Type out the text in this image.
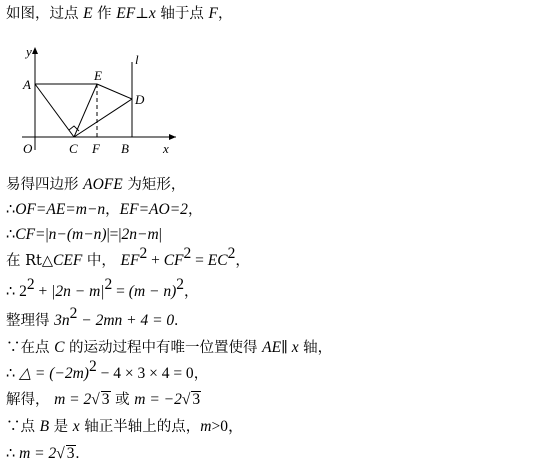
如图，过点 E 作 EF⊥x 轴于点 F，
y
l
A
E
D
O	C F B	x
易得四边形 AOFE 为矩形，
∴OF=AE=m−n，EF=AO=2，
∴CF=|n−(m−n)|=|2n−m|
在 Rt△CEF 中， $EF^2 + CF^2 = EC^2$，
∴ $2^2 + |2n - m|^2 = (m - n)^2$，
整理得 $3n^2 - 2mn + 4 = 0$.
∵在点 C 的运动过程中有唯一位置使得 AE∥ x 轴，
∴ △ = $(-2m)^2 - 4 \times 3 \times 4 = 0$，
解得， m = 2√ 3 或 m = −2√ 3
∵点 B 是 x 轴正半轴上的点，m>0，
∴ m = 2√ 3.
